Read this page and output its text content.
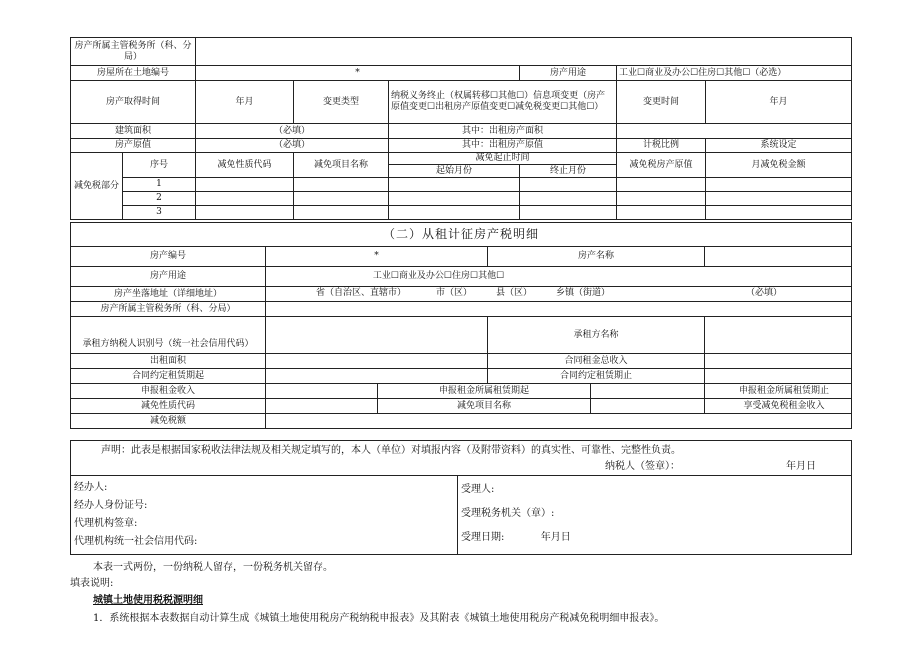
房产所属主管税务所（科、分局）							
房屋所在土地编号		*			房产用途	工业☐商业及办公☐住房☐其他☐（必选）	
房产取得时间		年月	变更类型	纳税义务终止（权属转移☐其他☐）信息项变更（房产原值变更☐出租房产原值变更☐减免税变更☐其他☐）		变更时间	年月
建筑面积		（必填）		其中：出租房产面积			
房产原值		（必填）		其中：出租房产原值		计税比例	系统设定
减免税部分	序号	减免性质代码	减免项目名称	减免起止时间		减免税房产原值	月减免税金额
				起始月份	终止月份		
	1						
	2						
	3						
（二）从租计征房产税明细					
房产编号	*		房产名称		
房产用途	工业☐商业及办公☐住房☐其他☐				
房产坐落地址（详细地址）	省（自治区、直辖市） 市（区） 县（区） 乡镇（街道） （必填）				

房产所属主管税务所（科、分局）					
承租方纳税人识别号（统一社会信用代码）			承租方名称		
出租面积			合同租金总收入		
合同约定租赁期起			合同约定租赁期止		
申报租金收入		申报租金所属租赁期起			申报租金所属租赁期止
减免性质代码		减免项目名称			享受减免税租金收入
减免税额					
声明：此表是根据国家税收法律法规及相关规定填写的，本人（单位）对填报内容（及附带资料）的真实性、可靠性、完整性负责。
纳税人（签章）：	年月日

经办人:
经办人身份证号:
代理机构签章:
代理机构统一社会信用代码:

受理人:
受理税务机关（章）:
受理日期:	年月日
本表一式两份，一份纳税人留存，一份税务机关留存。
填表说明:
城镇土地使用税税源明细
1．系统根据本表数据自动计算生成《城镇土地使用税房产税纳税申报表》及其附表《城镇土地使用税房产税减免税明细申报表》。
